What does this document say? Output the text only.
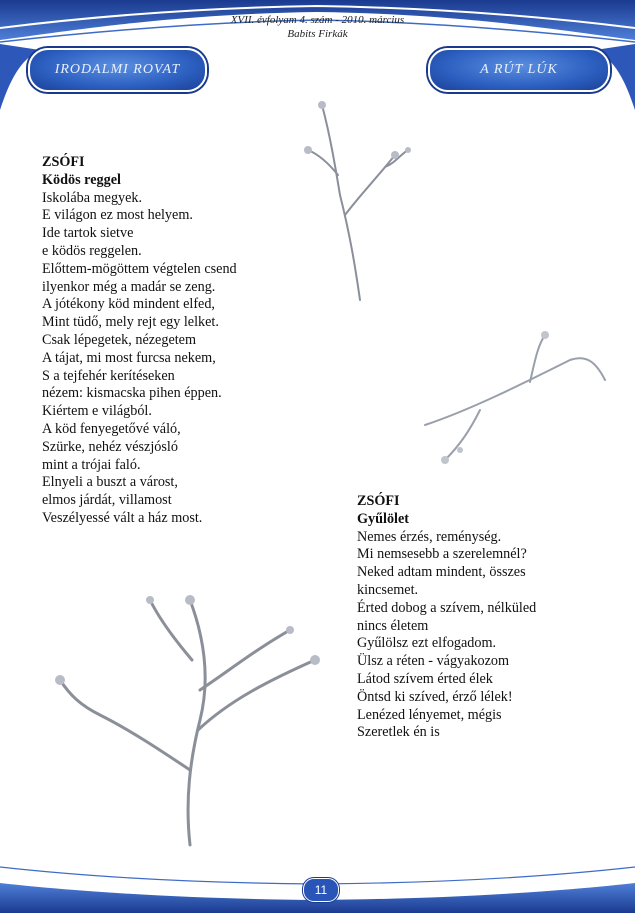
XVII. évfolyam 4. szám - 2010. március
Babits Firkák
IRODALMI ROVAT	A RÚT LÚK
ZSÓFI
Ködös reggel
Iskolába megyek.
E világon ez most helyem.
Ide tartok sietve
e ködös reggelen.
Előttem-mögöttem végtelen csend
ilyenkor még a madár se zeng.
A jótékony köd mindent elfed,
Mint tüdő, mely rejt egy lelket.
Csak lépegetek, nézegetem
A tájat, mi most furcsa nekem,
S a tejfehér kerítéseken
nézem: kismacska pihen éppen.
Kiértem e világból.
A köd fenyegetővé váló,
Szürke, nehéz vészjósló
mint a trójai faló.
Elnyeli a buszt a várost,
elmos járdát, villamost
Veszélyessé vált a ház most.
ZSÓFI
Gyűlölet
Nemes érzés, reménység.
Mi nemsesebb a szerelemnél?
Neked adtam mindent, összes
kincsemet.
Érted dobog a szívem, nélküled
nincs életem
Gyűlölsz ezt elfogadom.
Ülsz a réten - vágyakozom
Látod szívem érted élek
Öntsd ki szíved, érző lélek!
Lenézed lényemet, mégis
Szeretlek én is
11
